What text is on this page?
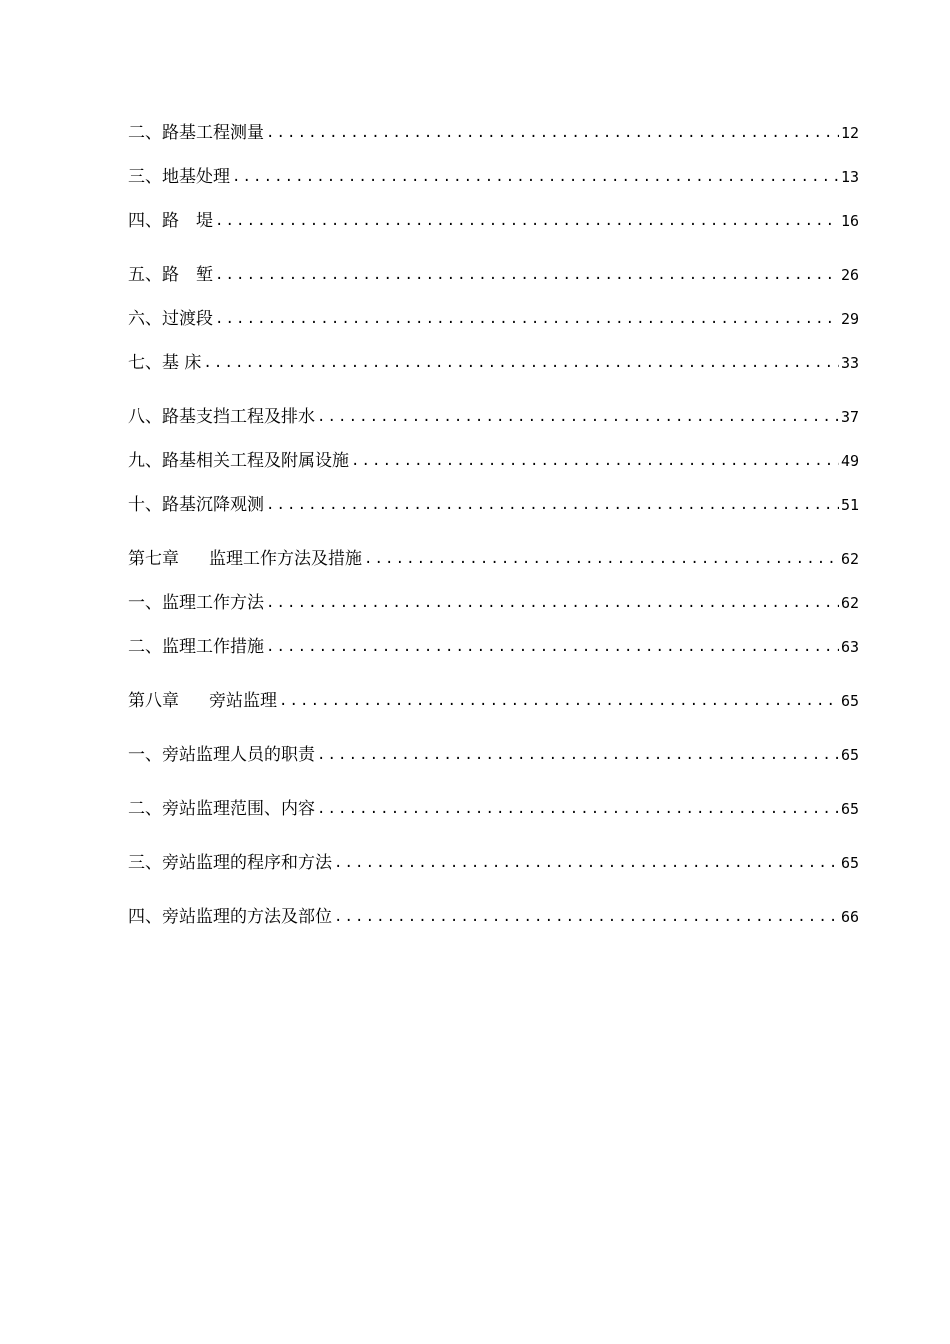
二、路基工程测量 .....	12
三、地基处理 .....	13
四、路　堤 .....	16
五、路　堑 .....	26
六、过渡段 .....	29
七、基 床 .....	33
八、路基支挡工程及排水 .....	37
九、路基相关工程及附属设施 .....	49
十、路基沉降观测 .....	51
第七章 监理工作方法及措施 .....	62
一、监理工作方法 .....	62
二、监理工作措施 .....	63
第八章 旁站监理 .....	65
一、旁站监理人员的职责 .....	65
二、旁站监理范围、内容 .....	65
三、旁站监理的程序和方法 .....	65
四、旁站监理的方法及部位 .....	66
